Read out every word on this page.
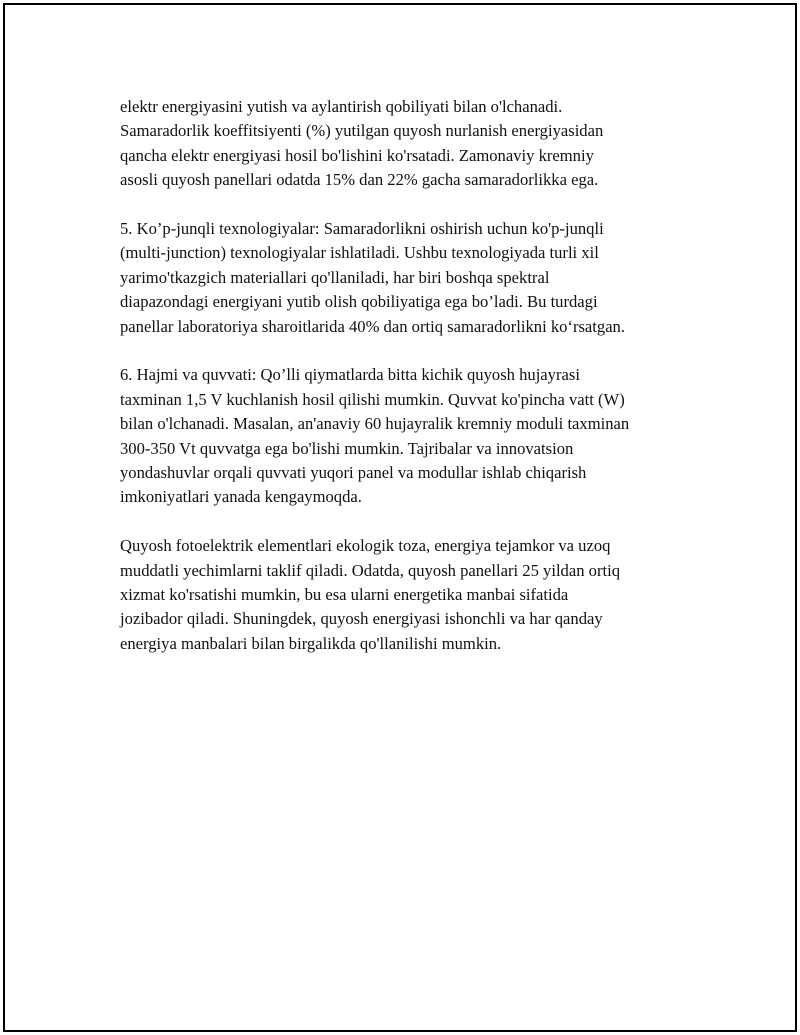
elektr energiyasini yutish va aylantirish qobiliyati bilan o'lchanadi.
Samaradorlik koeffitsiyenti (%) yutilgan quyosh nurlanish energiyasidan
qancha elektr energiyasi hosil bo'lishini ko'rsatadi. Zamonaviy kremniy
asosli quyosh panellari odatda 15% dan 22% gacha samaradorlikka ega.

5. Ko’p-junqli texnologiyalar: Samaradorlikni oshirish uchun ko'p-junqli
(multi-junction) texnologiyalar ishlatiladi. Ushbu texnologiyada turli xil
yarimo'tkazgich materiallari qo'llaniladi, har biri boshqa spektral
diapazondagi energiyani yutib olish qobiliyatiga ega bo’ladi. Bu turdagi
panellar laboratoriya sharoitlarida 40% dan ortiq samaradorlikni ko‘rsatgan.

6. Hajmi va quvvati: Qo’lli qiymatlarda bitta kichik quyosh hujayrasi
taxminan 1,5 V kuchlanish hosil qilishi mumkin. Quvvat ko'pincha vatt (W)
bilan o'lchanadi. Masalan, an'anaviy 60 hujayralik kremniy moduli taxminan
300-350 Vt quvvatga ega bo'lishi mumkin. Tajribalar va innovatsion
yondashuvlar orqali quvvati yuqori panel va modullar ishlab chiqarish
imkoniyatlari yanada kengaymoqda.

Quyosh fotoelektrik elementlari ekologik toza, energiya tejamkor va uzoq
muddatli yechimlarni taklif qiladi. Odatda, quyosh panellari 25 yildan ortiq
xizmat ko'rsatishi mumkin, bu esa ularni energetika manbai sifatida
jozibador qiladi. Shuningdek, quyosh energiyasi ishonchli va har qanday
energiya manbalari bilan birgalikda qo'llanilishi mumkin.
